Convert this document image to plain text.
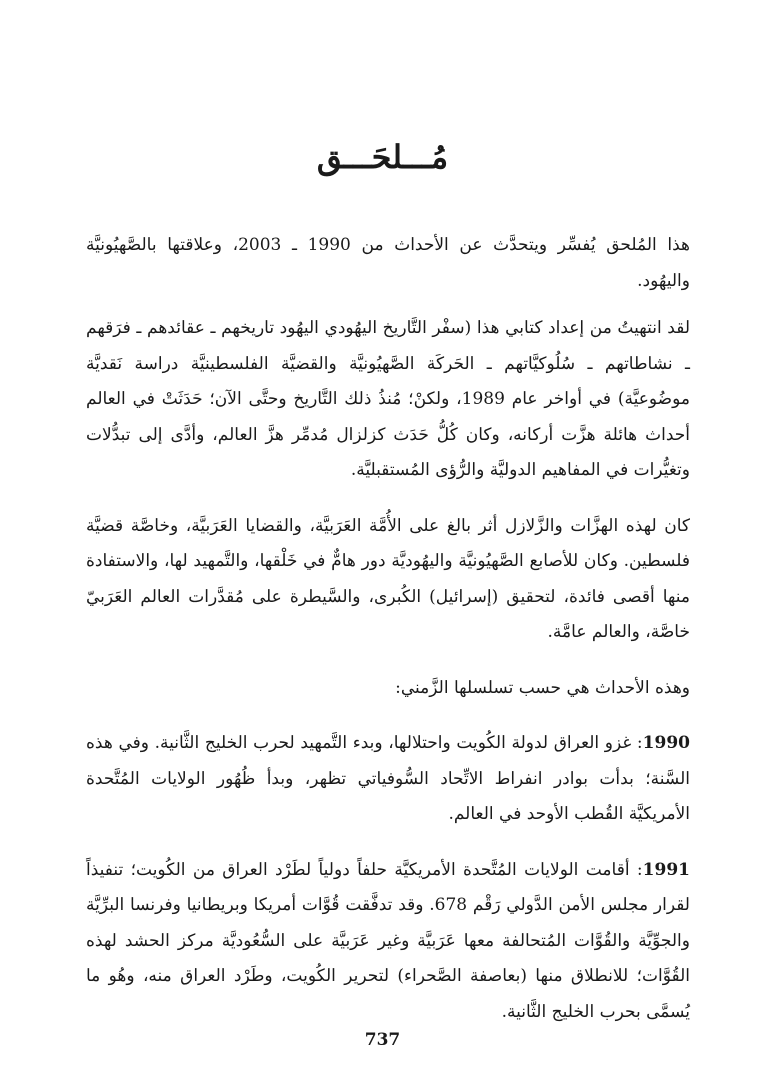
مُـــلحَـــق

هذا المُلحق يُفسِّر ويتحدَّث عن الأحداث من 1990 ـ 2003، وعلاقتها بالصَّهيُونيَّة واليهُود.

لقد انتهيتُ من إعداد كتابي هذا (سفْر التَّاريخ اليهُودي اليهُود تاريخهم ـ عقائدهم ـ فرَقهم ـ نشاطاتهم ـ سُلُوكيَّاتهم ـ الحَركَة الصَّهيُونيَّة والقضيَّة الفلسطينيَّة دراسة نَقديَّة موضُوعيَّة) في أواخر عام 1989، ولكنْ؛ مُنذُ ذلك التَّاريخ وحتَّى الآن؛ حَدَثَتْ في العالم أحداث هائلة هزَّت أركانه، وكان كُلُّ حَدَث كزلزال مُدمِّر هزَّ العالم، وأدَّى إلى تبدُّلات وتغيُّرات في المفاهيم الدوليَّة والرُّؤى المُستقبليَّة.

كان لهذه الهزَّات والزَّلازل أثر بالغ على الأُمَّة العَرَبيَّة، والقضايا العَرَبيَّة، وخاصَّة قضيَّة فلسطين. وكان للأصابع الصَّهيُونيَّة واليهُوديَّة دور هامٌّ في خَلْقها، والتَّمهيد لها، والاستفادة منها أقصى فائدة، لتحقيق (إسرائيل) الكُبرى، والسَّيطرة على مُقدَّرات العالم العَرَبيّ خاصَّة، والعالم عامَّة.

وهذه الأحداث هي حسب تسلسلها الزَّمني:

1990: غزو العراق لدولة الكُويت واحتلالها، وبدء التَّمهيد لحرب الخليج الثَّانية. وفي هذه السَّنة؛ بدأت بوادر انفراط الاتِّحاد السُّوفياتي تظهر، وبدأ ظُهُور الولايات المُتَّحدة الأمريكيَّة القُطب الأوحد في العالم.

1991: أقامت الولايات المُتَّحدة الأمريكيَّة حلفاً دولياً لطَرْد العراق من الكُويت؛ تنفيذاً لقرار مجلس الأمن الدَّولي رَقْم 678. وقد تدفَّقت قُوَّات أمريكا وبريطانيا وفرنسا البرِّيَّة والجوِّيَّة والقُوَّات المُتحالفة معها عَرَبيَّة وغير عَرَبيَّة على السُّعُوديَّة مركز الحشد لهذه القُوَّات؛ للانطلاق منها (بعاصفة الصَّحراء) لتحرير الكُويت، وطَرْد العراق منه، وهُو ما يُسمَّى بحرب الخليج الثَّانية.

737
